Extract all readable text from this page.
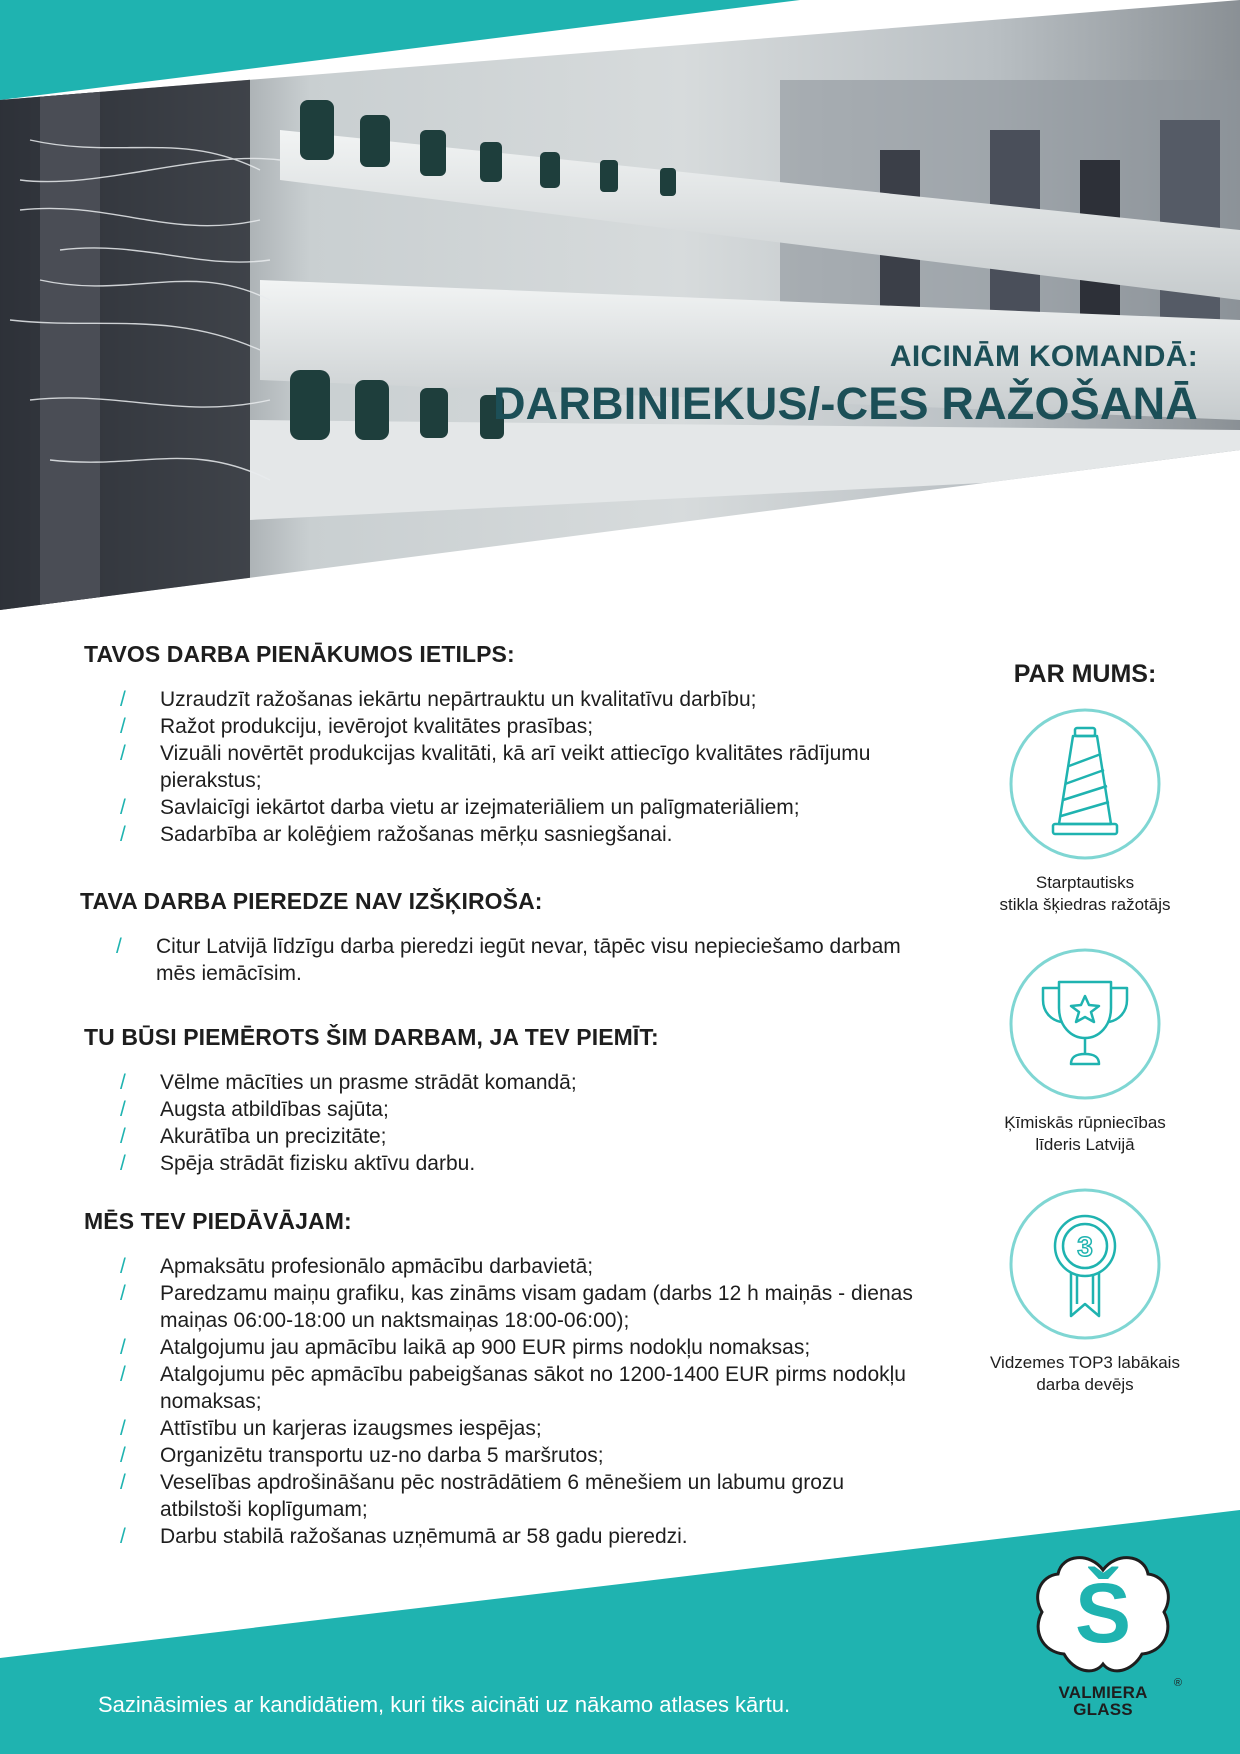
AICINĀM KOMANDĀ:
DARBINIEKUS/-CES RAŽOŠANĀ
TAVOS DARBA PIENĀKUMOS IETILPS:
/ Uzraudzīt ražošanas iekārtu nepārtrauktu un kvalitatīvu darbību;
/ Ražot produkciju, ievērojot kvalitātes prasības;
/ Vizuāli novērtēt produkcijas kvalitāti, kā arī veikt attiecīgo kvalitātes rādījumu pierakstus;
/ Savlaicīgi iekārtot darba vietu ar izejmateriāliem un palīgmateriāliem;
/ Sadarbība ar kolēģiem ražošanas mērķu sasniegšanai.
TAVA DARBA PIEREDZE NAV IZŠĶIROŠA:
/ Citur Latvijā līdzīgu darba pieredzi iegūt nevar, tāpēc visu nepieciešamo darbam mēs iemācīsim.
TU BŪSI PIEMĒROTS ŠIM DARBAM, JA TEV PIEMĪT:
/ Vēlme mācīties un prasme strādāt komandā;
/ Augsta atbildības sajūta;
/ Akurātība un precizitāte;
/ Spēja strādāt fizisku aktīvu darbu.
MĒS TEV PIEDĀVĀJAM:
/ Apmaksātu profesionālo apmācību darbavietā;
/ Paredzamu maiņu grafiku, kas zināms visam gadam (darbs 12 h maiņās - dienas maiņas 06:00-18:00 un naktsmaiņas 18:00-06:00);
/ Atalgojumu jau apmācību laikā ap 900 EUR pirms nodokļu nomaksas;
/ Atalgojumu pēc apmācību pabeigšanas sākot no 1200-1400 EUR pirms nodokļu nomaksas;
/ Attīstību un karjeras izaugsmes iespējas;
/ Organizētu transportu uz-no darba 5 maršrutos;
/ Veselības apdrošināšanu pēc nostrādātiem 6 mēnešiem un labumu grozu atbilstoši koplīgumam;
/ Darbu stabilā ražošanas uzņēmumā ar 58 gadu pieredzi.
PAR MUMS:
Starptautisks
stikla šķiedras ražotājs
Ķīmiskās rūpniecības
līderis Latvijā
3
Vidzemes TOP3 labākais
darba devējs
Sazināsimies ar kandidātiem, kuri tiks aicināti uz nākamo atlases kārtu.
Š
VALMIERA
GLASS
®
